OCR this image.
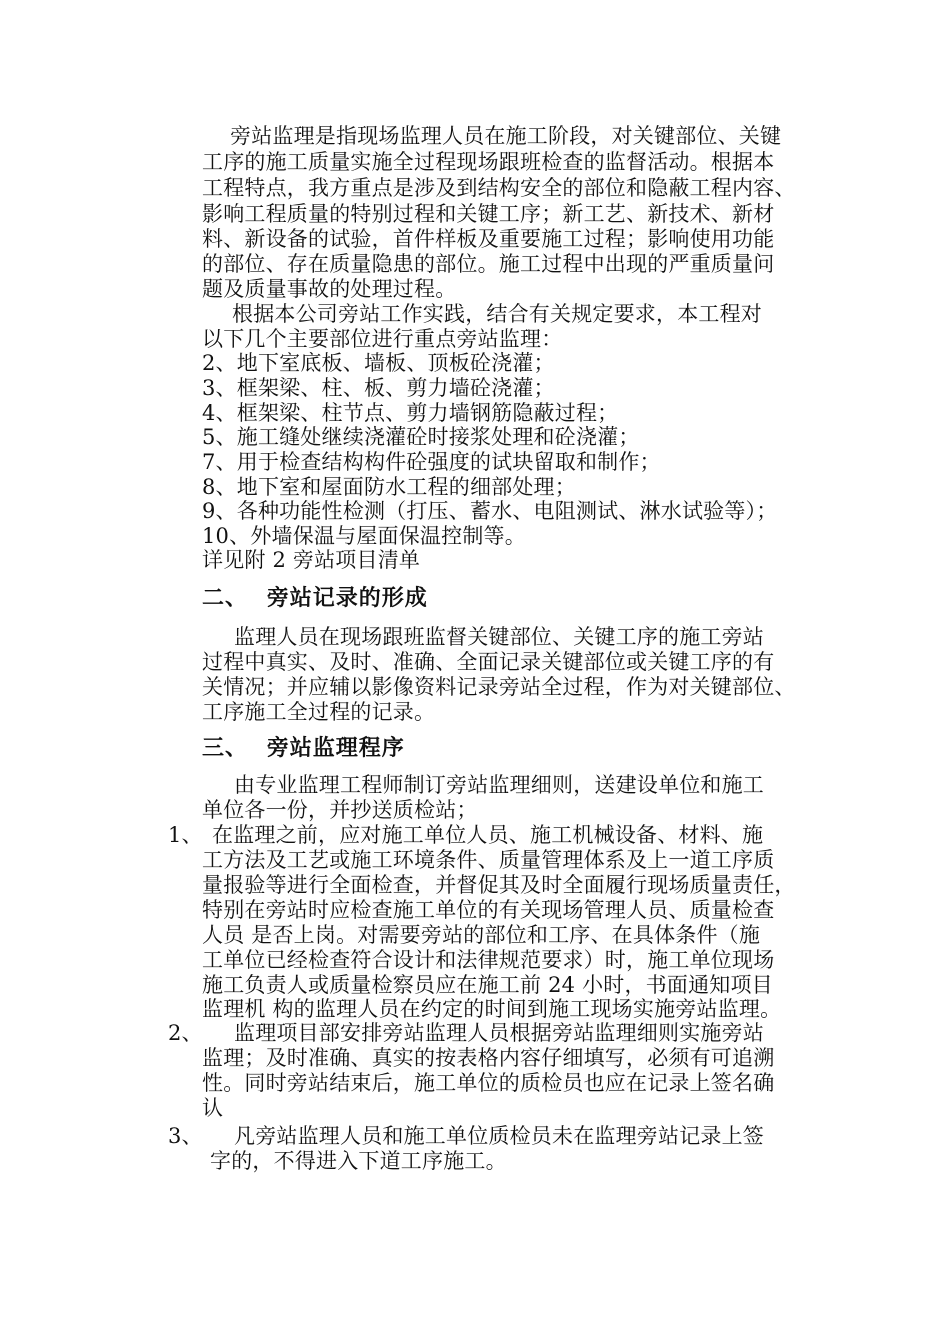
旁站监理是指现场监理人员在施工阶段，对关键部位、关键
工序的施工质量实施全过程现场跟班检查的监督活动。根据本
工程特点，我方重点是涉及到结构安全的部位和隐蔽工程内容、
影响工程质量的特别过程和关键工序；新工艺、新技术、新材
料、新设备的试验，首件样板及重要施工过程；影响使用功能
的部位、存在质量隐患的部位。施工过程中出现的严重质量问
题及质量事故的处理过程。
根据本公司旁站工作实践，结合有关规定要求，本工程对
以下几个主要部位进行重点旁站监理：
2、地下室底板、墙板、顶板砼浇灌；
3、框架梁、柱、板、剪力墙砼浇灌；
4、框架梁、柱节点、剪力墙钢筋隐蔽过程；
5、施工缝处继续浇灌砼时接浆处理和砼浇灌；
7、用于检查结构构件砼强度的试块留取和制作；
8、地下室和屋面防水工程的细部处理；
9、各种功能性检测（打压、蓄水、电阻测试、淋水试验等）；
10、外墙保温与屋面保温控制等。
详见附 2 旁站项目清单
二、 旁站记录的形成
监理人员在现场跟班监督关键部位、关键工序的施工旁站
过程中真实、及时、准确、全面记录关键部位或关键工序的有
关情况；并应辅以影像资料记录旁站全过程，作为对关键部位、
工序施工全过程的记录。
三、 旁站监理程序
由专业监理工程师制订旁站监理细则，送建设单位和施工
单位各一份，并抄送质检站；
1、 在监理之前，应对施工单位人员、施工机械设备、材料、施
工方法及工艺或施工环境条件、质量管理体系及上一道工序质
量报验等进行全面检查，并督促其及时全面履行现场质量责任，
特别在旁站时应检查施工单位的有关现场管理人员、质量检查
人员 是否上岗。对需要旁站的部位和工序、在具体条件（施
工单位已经检查符合设计和法律规范要求）时，施工单位现场
施工负责人或质量检察员应在施工前 24 小时，书面通知项目
监理机 构的监理人员在约定的时间到施工现场实施旁站监理。
2、 监理项目部安排旁站监理人员根据旁站监理细则实施旁站
监理；及时准确、真实的按表格内容仔细填写，必须有可追溯
性。同时旁站结束后，施工单位的质检员也应在记录上签名确
认
3、 凡旁站监理人员和施工单位质检员未在监理旁站记录上签
字的，不得进入下道工序施工。
